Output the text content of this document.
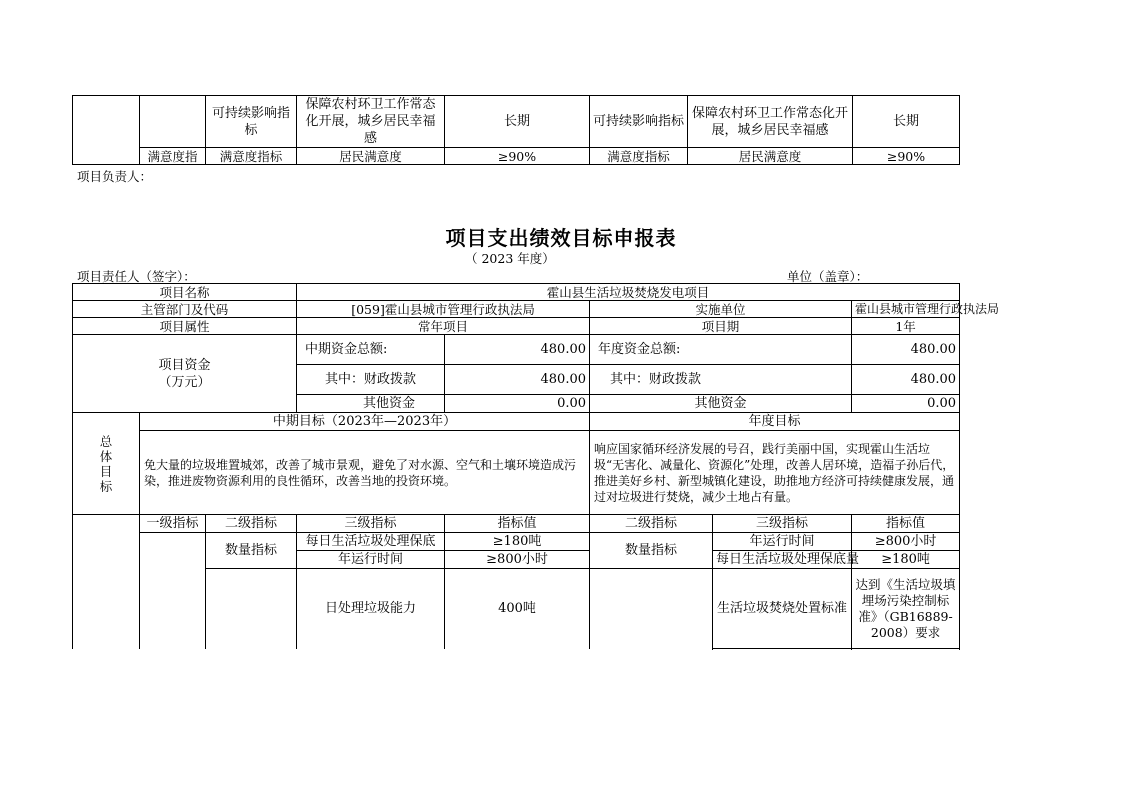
		可持续影响指标	保障农村环卫工作常态化开展，城乡居民幸福感	长期	可持续影响指标	保障农村环卫工作常态化开展，城乡居民幸福感	长期
	满意度指	满意度指标	居民满意度	≥90%	满意度指标	居民满意度	≥90%
项目负责人：
项目支出绩效目标申报表
（ 2023 年度）
项目责任人（签字）：	单位（盖章）：
项目名称			霍山县生活垃圾焚烧发电项目				
主管部门及代码			[059]霍山县城市管理行政执法局		实施单位		霍山县城市管理行政执法局
项目属性			常年项目		项目期		1年

项目资金
（万元）			中期资金总额:	480.00	年度资金总额:		480.00
			其中：财政拨款	480.00	其中：财政拨款		480.00
			其他资金	0.00	其他资金		0.00

总
体
目
标	中期目标（2023年—2023年）				年度目标		
	免大量的垃圾堆置城郊，改善了城市景观，避免了对水源、空气和土壤环境造成污染，推进废物资源利用的良性循环，改善当地的投资环境。				响应国家循环经济发展的号召，践行美丽中国，实现霍山生活垃圾“无害化、减量化、资源化”处理，改善人居环境，造福子孙后代，推进美好乡村、新型城镇化建设，助推地方经济可持续健康发展，通过对垃圾进行焚烧，减少土地占有量。		
	一级指标	二级指标	三级指标	指标值	二级指标	三级指标	指标值
		数量指标	每日生活垃圾处理保底	≥180吨	数量指标	年运行时间	≥800小时
			年运行时间	≥800小时		每日生活垃圾处理保底量	≥180吨
			日处理垃圾能力	400吨		生活垃圾焚烧处置标准	达到《生活垃圾填埋场污染控制标准》（GB16889-2008）要求
